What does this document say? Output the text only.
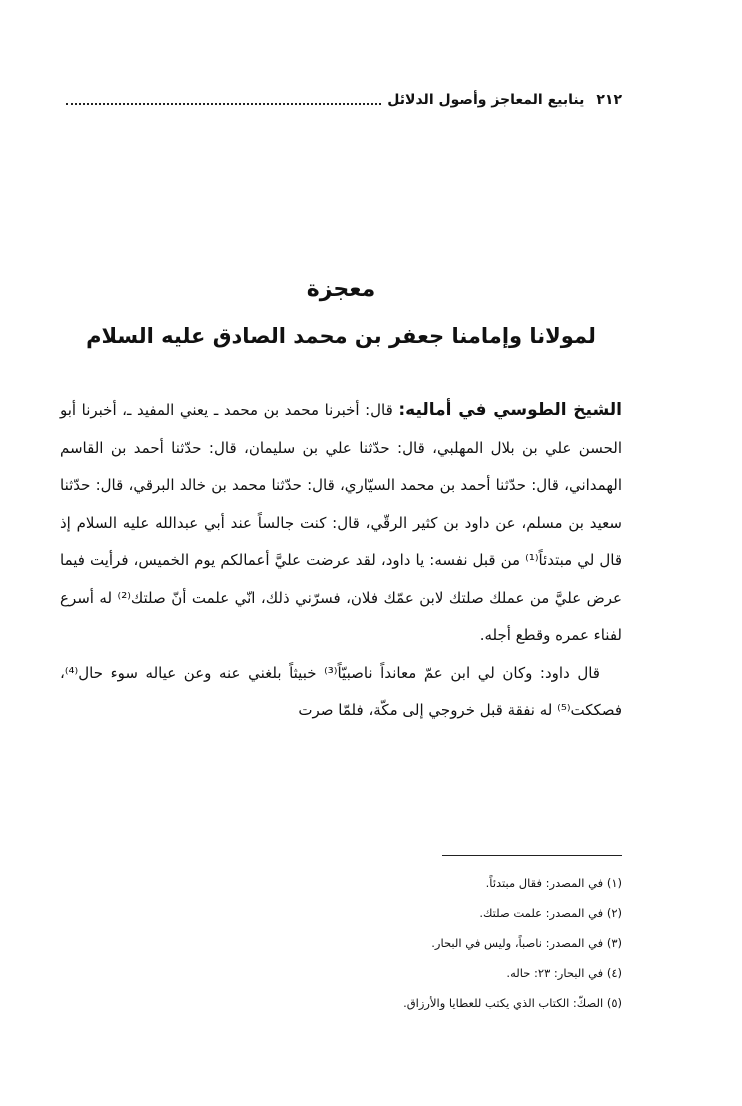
٢١٢
ينابيع المعاجز وأصول الدلائل
معجزة
لمولانا وإمامنا جعفر بن محمد الصادق عليه السلام

الشيخ الطوسي في أماليه: قال: أخبرنا محمد بن محمد ـ يعني المفيد ـ، أخبرنا أبو الحسن علي بن بلال المهلبي، قال: حدّثنا علي بن سليمان، قال: حدّثنا أحمد بن القاسم الهمداني، قال: حدّثنا أحمد بن محمد السيّاري، قال: حدّثنا محمد بن خالد البرقي، قال: حدّثنا سعيد بن مسلم، عن داود بن كثير الرقّي، قال: كنت جالساً عند أبي عبدالله عليه السلام إذ قال لي مبتدئاً⁽¹⁾ من قبل نفسه: يا داود، لقد عرضت عليَّ أعمالكم يوم الخميس، فرأيت فيما عرض عليَّ من عملك صلتك لابن عمّك فلان، فسرّني ذلك، انّي علمت أنّ صلتك⁽²⁾ له أسرع لفناء عمره وقطع أجله.

قال داود: وكان لي ابن عمّ معانداً ناصبيّاً⁽³⁾ خبيثاً بلغني عنه وعن عياله سوء حال⁽⁴⁾، فصككت⁽⁵⁾ له نفقة قبل خروجي إلى مكّة، فلمّا صرت

(١) في المصدر: فقال مبتدئاً.
(٢) في المصدر: علمت صلتك.
(٣) في المصدر: ناصباً، وليس في البحار.
(٤) في البحار: ٢٣: حاله.
(٥) الصكّ: الكتاب الذي يكتب للعطايا والأرزاق.
